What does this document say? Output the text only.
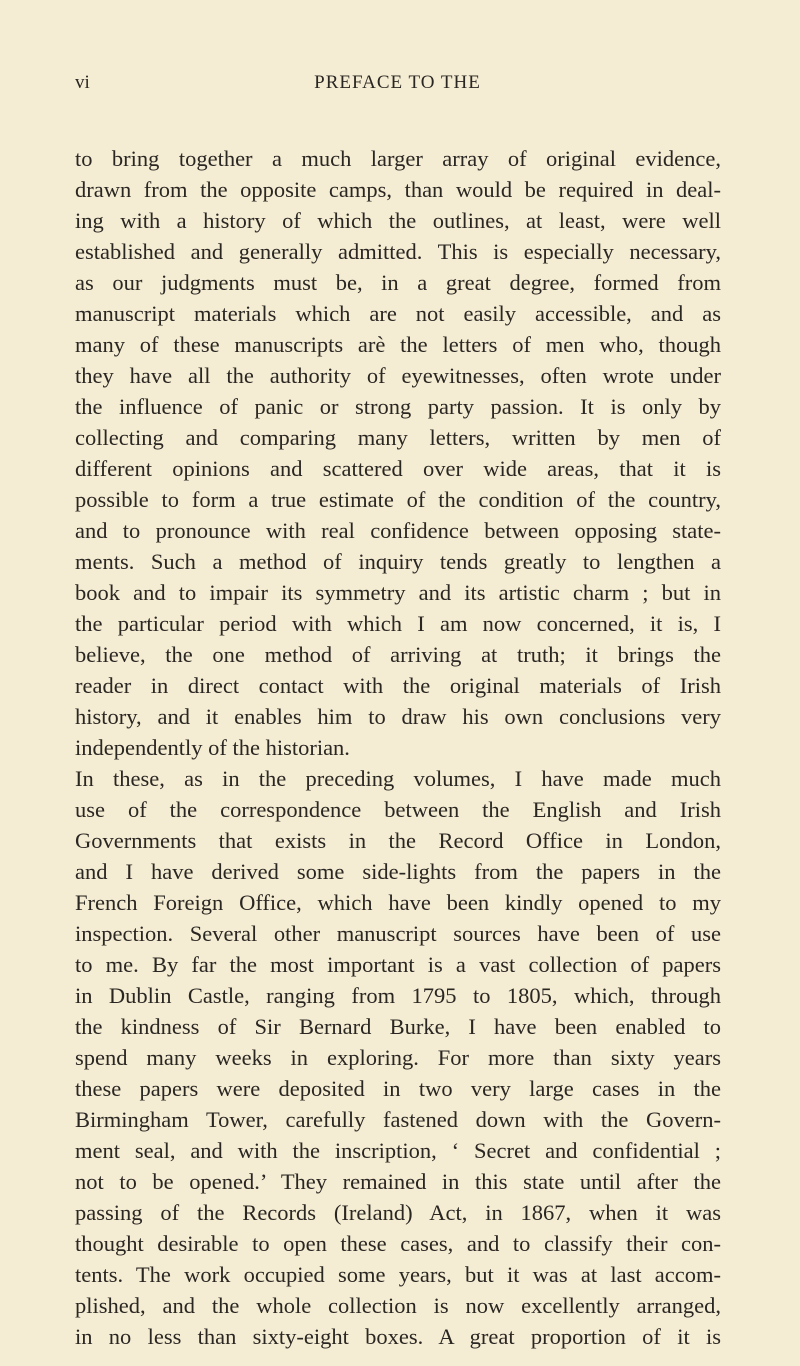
vi	PREFACE TO THE
to bring together a much larger array of original evidence,
drawn from the opposite camps, than would be required in deal-
ing with a history of which the outlines, at least, were well
established and generally admitted. This is especially necessary,
as our judgments must be, in a great degree, formed from
manuscript materials which are not easily accessible, and as
many of these manuscripts arè the letters of men who, though
they have all the authority of eyewitnesses, often wrote under
the influence of panic or strong party passion. It is only by
collecting and comparing many letters, written by men of
different opinions and scattered over wide areas, that it is
possible to form a true estimate of the condition of the country,
and to pronounce with real confidence between opposing state-
ments. Such a method of inquiry tends greatly to lengthen a
book and to impair its symmetry and its artistic charm ; but in
the particular period with which I am now concerned, it is, I
believe, the one method of arriving at truth; it brings the
reader in direct contact with the original materials of Irish
history, and it enables him to draw his own conclusions very
independently of the historian.
In these, as in the preceding volumes, I have made much
use of the correspondence between the English and Irish
Governments that exists in the Record Office in London,
and I have derived some side-lights from the papers in the
French Foreign Office, which have been kindly opened to my
inspection. Several other manuscript sources have been of use
to me. By far the most important is a vast collection of papers
in Dublin Castle, ranging from 1795 to 1805, which, through
the kindness of Sir Bernard Burke, I have been enabled to
spend many weeks in exploring. For more than sixty years
these papers were deposited in two very large cases in the
Birmingham Tower, carefully fastened down with the Govern-
ment seal, and with the inscription, ‘ Secret and confidential ;
not to be opened.’ They remained in this state until after the
passing of the Records (Ireland) Act, in 1867, when it was
thought desirable to open these cases, and to classify their con-
tents. The work occupied some years, but it was at last accom-
plished, and the whole collection is now excellently arranged,
in no less than sixty-eight boxes. A great proportion of it is
